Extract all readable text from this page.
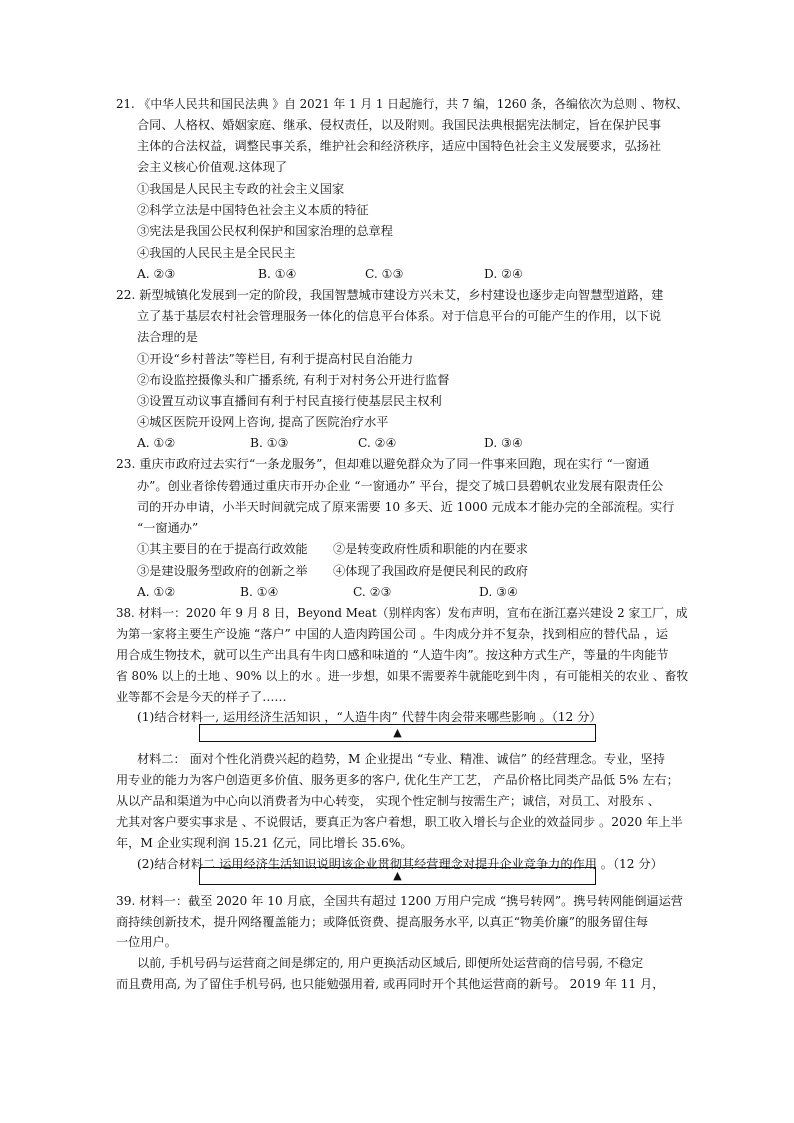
21. 《中华人民共和国民法典 》自 2021 年 1 月 1 日起施行，共 7 编，1260 条，各编依次为总则 、物权、
合同、人格权、婚姻家庭、继承、侵权责任，以及附则。我国民法典根据宪法制定，旨在保护民事
主体的合法权益，调整民事关系，维护社会和经济秩序，适应中国特色社会主义发展要求，弘扬社
会主义核心价值观.这体现了
①我国是人民民主专政的社会主义国家
②科学立法是中国特色社会主义本质的特征
③宪法是我国公民权利保护和国家治理的总章程
④我国的人民民主是全民民主
A. ②③	B. ①④	C. ①③	D. ②④
22. 新型城镇化发展到一定的阶段，我国智慧城市建设方兴未艾，乡村建设也逐步走向智慧型道路，建
立了基于基层农村社会管理服务一体化的信息平台体系。对于信息平台的可能产生的作用，以下说
法合理的是
①开设“乡村普法”等栏目, 有利于提高村民自治能力
②布设监控摄像头和广播系统, 有利于对村务公开进行监督
③设置互动议事直播间有利于村民直接行使基层民主权利
④城区医院开设网上咨询, 提高了医院治疗水平
A. ①②	B. ①③	C. ②④	D. ③④
23. 重庆市政府过去实行“一条龙服务”，但却难以避免群众为了同一件事来回跑，现在实行 “一窗通
办”。创业者徐传碧通过重庆市开办企业 “一窗通办” 平台，提交了城口县碧帆农业发展有限责任公
司的开办申请，小半天时间就完成了原来需要 10 多天、近 1000 元成本才能办完的全部流程。实行
“一窗通办”
①其主要目的在于提高行政效能 ②是转变政府性质和职能的内在要求
③是建设服务型政府的创新之举 ④体现了我国政府是便民利民的政府
A. ①②	B. ①④	C. ②③	D. ③④
38. 材料一：2020 年 9 月 8 日，Beyond Meat（别样肉客）发布声明，宣布在浙江嘉兴建设 2 家工厂，成
为第一家将主要生产设施 “落户” 中国的人造肉跨国公司 。牛肉成分并不复杂，找到相应的替代品 ，运
用合成生物技术，就可以生产出具有牛肉口感和味道的 “人造牛肉”。按这种方式生产，等量的牛肉能节
省 80% 以上的土地 、90% 以上的水 。进一步想，如果不需要养牛就能吃到牛肉 ，有可能相关的农业 、畜牧
业等都不会是今天的样子了……
(1)结合材料一, 运用经济生活知识 ，“人造牛肉” 代替牛肉会带来哪些影响 。（12 分）
▲
材料二： 面对个性化消费兴起的趋势，M 企业提出 “专业、精准、诚信” 的经营理念。专业，坚持
用专业的能力为客户创造更多价值、服务更多的客户, 优化生产工艺， 产品价格比同类产品低 5% 左右；
从以产品和渠道为中心向以消费者为中心转变， 实现个性定制与按需生产；诚信，对员工、对股东 、
尤其对客户要实事求是 、不说假话，要真正为客户着想，职工收入增长与企业的效益同步 。2020 年上半
年，M 企业实现利润 15.21 亿元，同比增长 35.6%。
(2)结合材料二 运用经济生活知识说明该企业贯彻其经营理念对提升企业竞争力的作用 。（12 分）
▲
39. 材料一：截至 2020 年 10 月底，全国共有超过 1200 万用户完成 “携号转网”。携号转网能倒逼运营
商持续创新技术，提升网络覆盖能力；或降低资费、提高服务水平, 以真正“物美价廉”的服务留住每
一位用户。
以前, 手机号码与运营商之间是绑定的, 用户更换活动区域后, 即便所处运营商的信号弱, 不稳定
而且费用高, 为了留住手机号码, 也只能勉强用着, 或再同时开个其他运营商的新号。 2019 年 11 月，
